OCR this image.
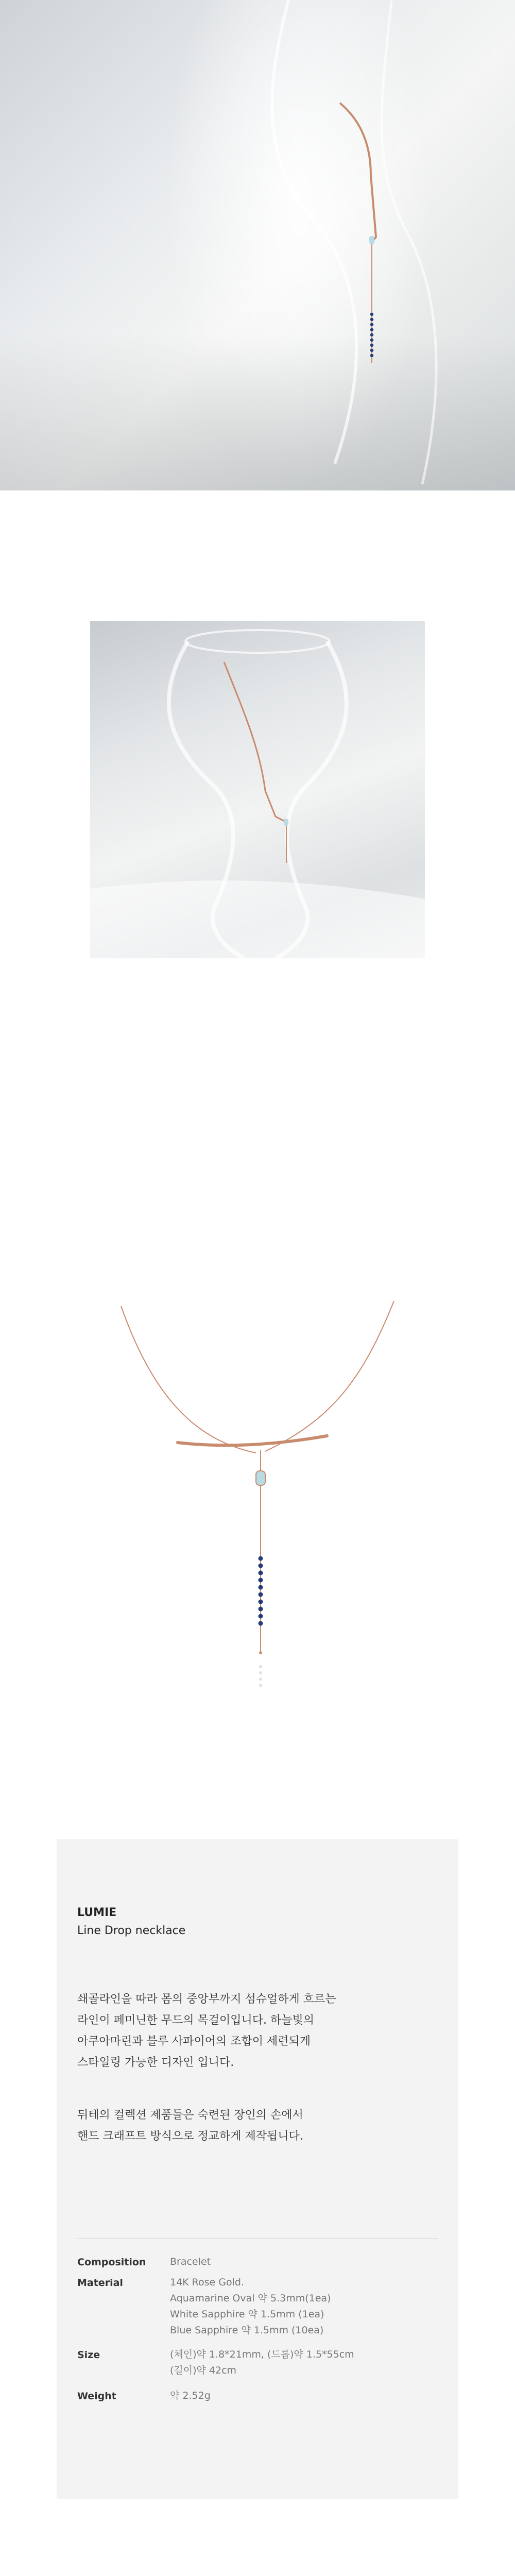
LUMIE
Line Drop necklace
쇄골라인을 따라 몸의 중앙부까지 섬슈얼하게 흐르는
라인이 페미닌한 무드의 목걸이입니다. 하늘빛의
아쿠아마린과 블루 사파이어의 조합이 세련되게
스타일링 가능한 디자인 입니다.
뒤테의 컬렉션 제품들은 숙련된 장인의 손에서
핸드 크래프트 방식으로 정교하게 제작됩니다.
Composition Bracelet
Material	14K Rose Gold.
Aquamarine Oval 약 5.3mm(1ea)
White Sapphire 약 1.5mm (1ea)
Blue Sapphire 약 1.5mm (10ea)
Size	(체인)약 1.8*21mm, (드롭)약 1.5*55cm
(길이)약 42cm
Weight	약 2.52g
